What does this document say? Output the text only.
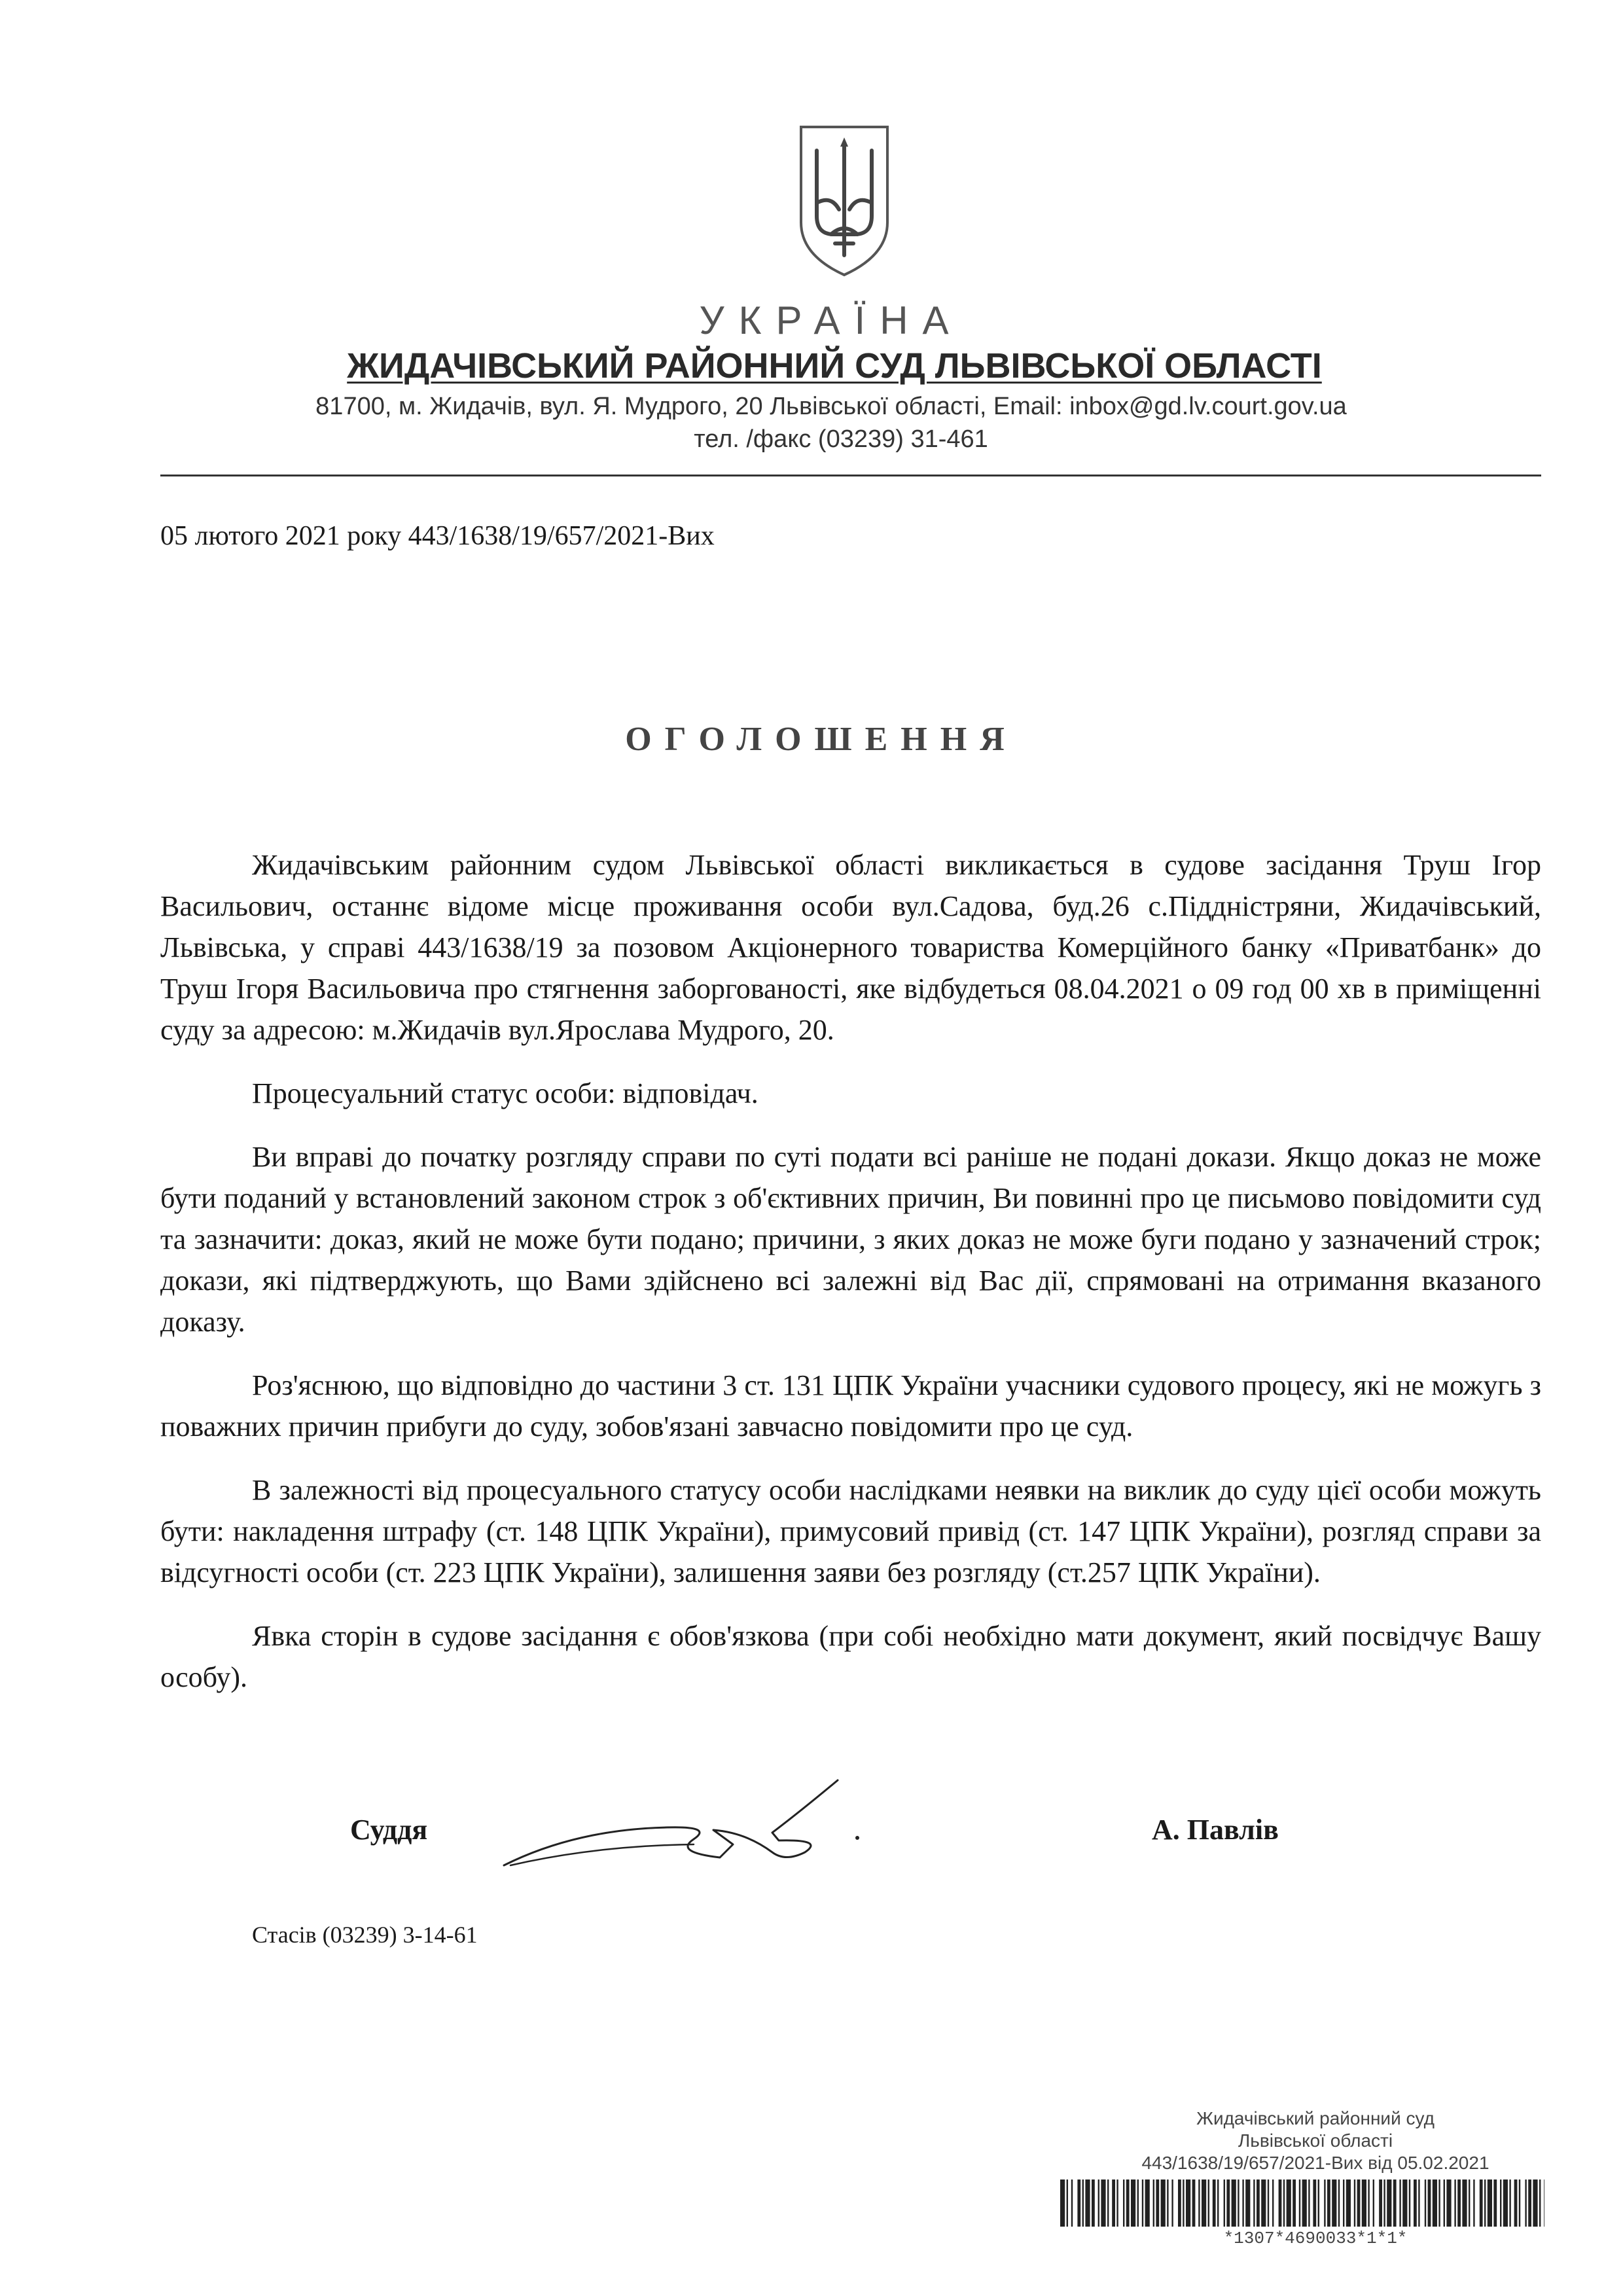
УКРАЇНА
ЖИДАЧІВСЬКИЙ РАЙОННИЙ СУД ЛЬВІВСЬКОЇ ОБЛАСТІ
81700, м. Жидачів, вул. Я. Мудрого, 20 Львівської області, Email: inbox@gd.lv.court.gov.ua
тел. /факс (03239) 31-461
05 лютого 2021 року 443/1638/19/657/2021-Вих
ОГОЛОШЕННЯ

Жидачівським районним судом Львівської області викликається в судове засідання Труш Ігор Васильович, останнє відоме місце проживання особи вул.Садова, буд.26 с.Піддністряни, Жидачівський, Львівська, у справі 443/1638/19 за позовом Акціонерного товариства Комерційного банку «Приватбанк» до Труш Ігоря Васильовича про стягнення заборгованості, яке відбудеться 08.04.2021 о 09 год 00 хв в приміщенні суду за адресою: м.Жидачів вул.Ярослава Мудрого, 20.

Процесуальний статус особи: відповідач.

Ви вправі до початку розгляду справи по суті подати всі раніше не подані докази. Якщо доказ не може бути поданий у встановлений законом строк з об'єктивних причин, Ви повинні про це письмово повідомити суд та зазначити: доказ, який не може бути подано; причини, з яких доказ не може буги подано у зазначений строк; докази, які підтверджують, що Вами здійснено всі залежні від Вас дії, спрямовані на отримання вказаного доказу.

Роз'яснюю, що відповідно до частини 3 ст. 131 ЦПК України учасники судового процесу, які не можугь з поважних причин прибуги до суду, зобов'язані завчасно повідомити про це суд.

В залежності від процесуального статусу особи наслідками неявки на виклик до суду цієї особи можуть бути: накладення штрафу (ст. 148 ЦПК України), примусовий привід (ст. 147 ЦПК України), розгляд справи за відсугності особи (ст. 223 ЦПК України), залишення заяви без розгляду (ст.257 ЦПК України).

Явка сторін в судове засідання є обов'язкова (при собі необхідно мати документ, який посвідчує Вашу особу).

Суддя	А. Павлів
Стасів (03239) 3-14-61
Жидачівський районний суд
Львівської області
443/1638/19/657/2021-Вих від 05.02.2021
*1307*4690033*1*1*
